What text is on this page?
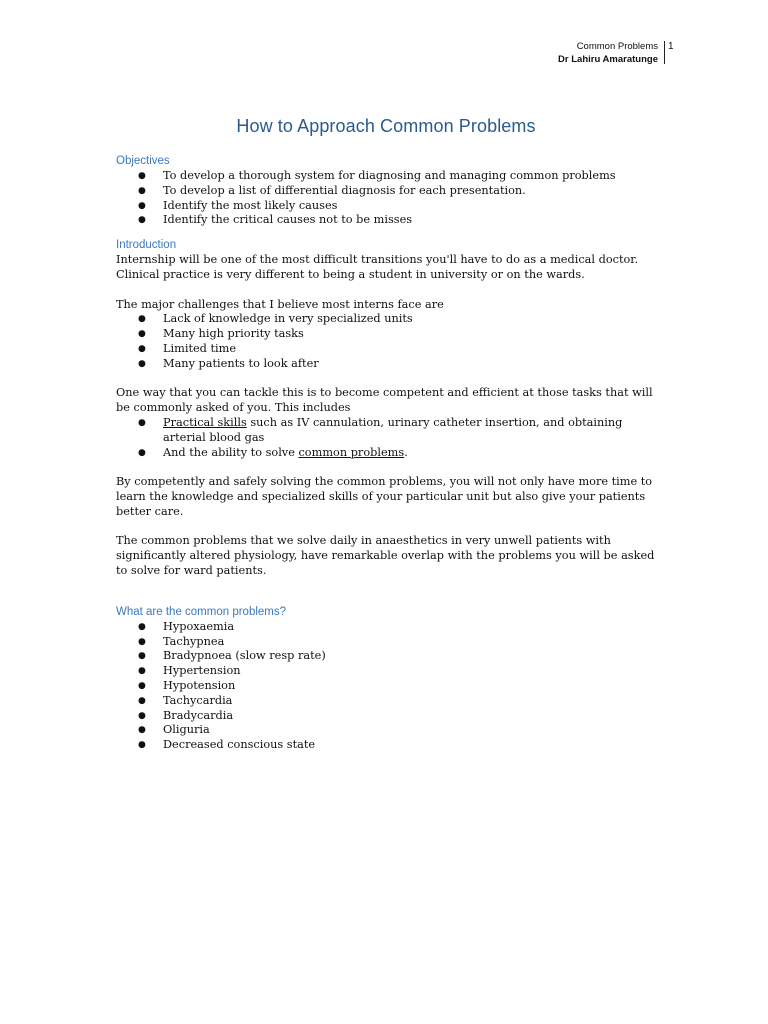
Common Problems
Dr Lahiru Amaratunge
1
How to Approach Common Problems

Objectives

● To develop a thorough system for diagnosing and managing common problems
● To develop a list of differential diagnosis for each presentation.
● Identify the most likely causes
● Identify the critical causes not to be misses

Introduction

Internship will be one of the most difficult transitions you'll have to do as a medical doctor. Clinical practice is very different to being a student in university or on the wards.

The major challenges that I believe most interns face are

● Lack of knowledge in very specialized units
● Many high priority tasks
● Limited time
● Many patients to look after

One way that you can tackle this is to become competent and efficient at those tasks that will be commonly asked of you. This includes

● Practical skills such as IV cannulation, urinary catheter insertion, and obtaining arterial blood gas
● And the ability to solve common problems.

By competently and safely solving the common problems, you will not only have more time to learn the knowledge and specialized skills of your particular unit but also give your patients better care.

The common problems that we solve daily in anaesthetics in very unwell patients with significantly altered physiology, have remarkable overlap with the problems you will be asked to solve for ward patients.

What are the common problems?

● Hypoxaemia
● Tachypnea
● Bradypnoea (slow resp rate)
● Hypertension
● Hypotension
● Tachycardia
● Bradycardia
● Oliguria
● Decreased conscious state
